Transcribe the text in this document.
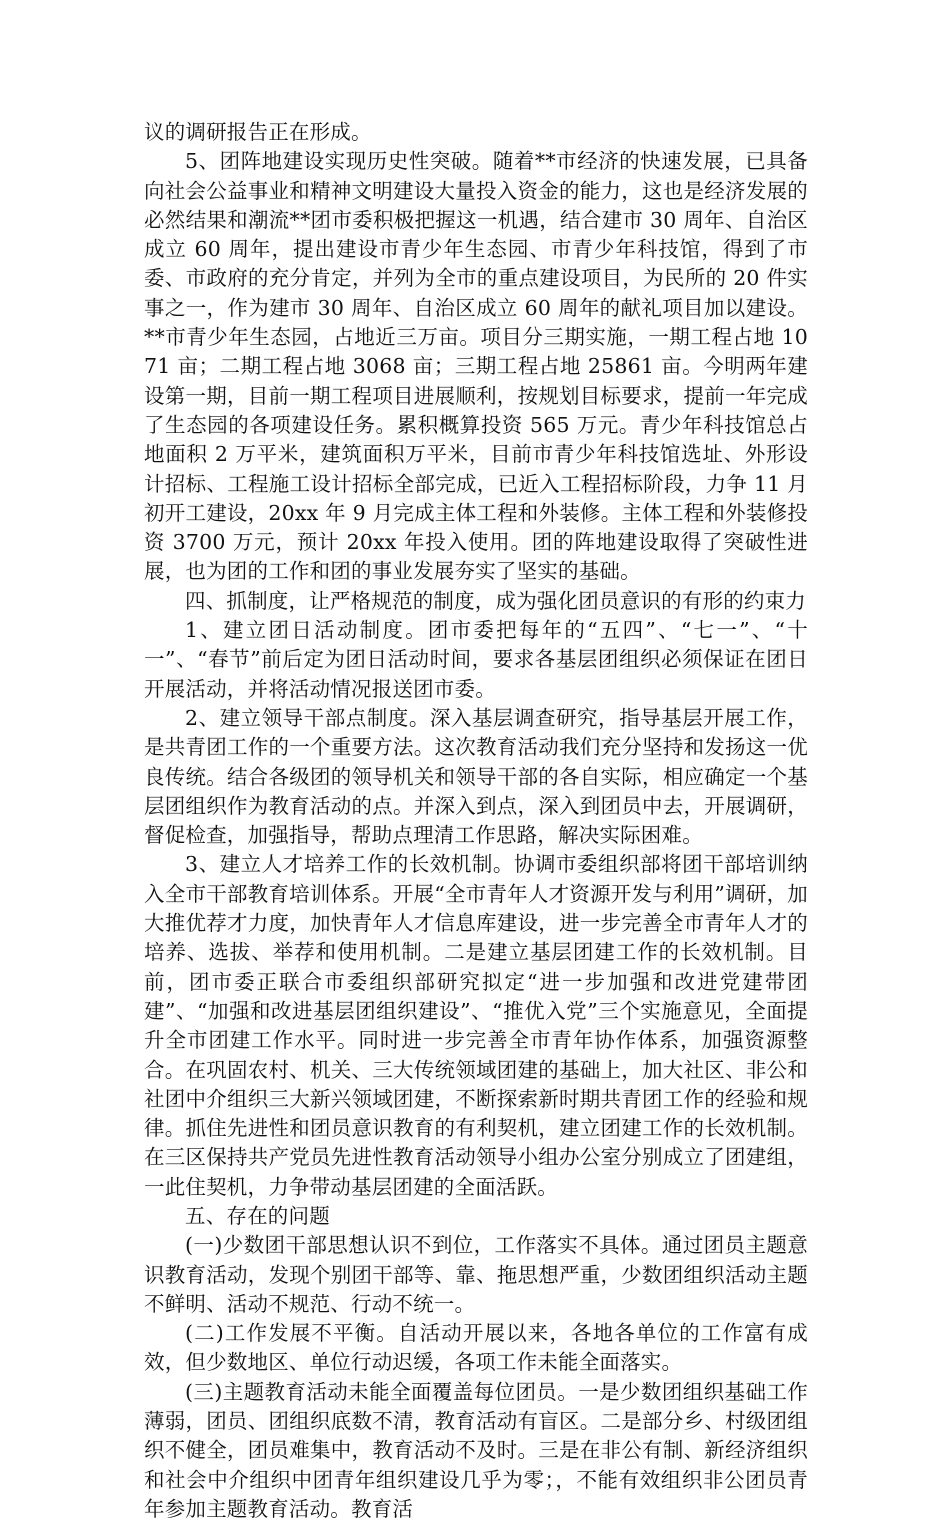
议的调研报告正在形成。

5、团阵地建设实现历史性突破。随着**市经济的快速发展，已具备向社会公益事业和精神文明建设大量投入资金的能力，这也是经济发展的必然结果和潮流**团市委积极把握这一机遇，结合建市 30 周年、自治区成立 60 周年，提出建设市青少年生态园、市青少年科技馆，得到了市委、市政府的充分肯定，并列为全市的重点建设项目，为民所的 20 件实事之一，作为建市 30 周年、自治区成立 60 周年的献礼项目加以建设。**市青少年生态园，占地近三万亩。项目分三期实施，一期工程占地 1071 亩；二期工程占地 3068 亩；三期工程占地 25861 亩。今明两年建设第一期，目前一期工程项目进展顺利，按规划目标要求，提前一年完成了生态园的各项建设任务。累积概算投资 565 万元。青少年科技馆总占地面积 2 万平米，建筑面积万平米，目前市青少年科技馆选址、外形设计招标、工程施工设计招标全部完成，已近入工程招标阶段，力争 11 月初开工建设，20xx 年 9 月完成主体工程和外装修。主体工程和外装修投资 3700 万元，预计 20xx 年投入使用。团的阵地建设取得了突破性进展，也为团的工作和团的事业发展夯实了坚实的基础。

四、抓制度，让严格规范的制度，成为强化团员意识的有形的约束力

1、建立团日活动制度。团市委把每年的“五四”、“七一”、“十一”、“春节”前后定为团日活动时间，要求各基层团组织必须保证在团日开展活动，并将活动情况报送团市委。

2、建立领导干部点制度。深入基层调查研究，指导基层开展工作，是共青团工作的一个重要方法。这次教育活动我们充分坚持和发扬这一优良传统。结合各级团的领导机关和领导干部的各自实际，相应确定一个基层团组织作为教育活动的点。并深入到点，深入到团员中去，开展调研，督促检查，加强指导，帮助点理清工作思路，解决实际困难。

3、建立人才培养工作的长效机制。协调市委组织部将团干部培训纳入全市干部教育培训体系。开展“全市青年人才资源开发与利用”调研，加大推优荐才力度，加快青年人才信息库建设，进一步完善全市青年人才的培养、选拔、举荐和使用机制。二是建立基层团建工作的长效机制。目前，团市委正联合市委组织部研究拟定“进一步加强和改进党建带团建”、“加强和改进基层团组织建设”、“推优入党”三个实施意见，全面提升全市团建工作水平。同时进一步完善全市青年协作体系，加强资源整合。在巩固农村、机关、三大传统领域团建的基础上，加大社区、非公和社团中介组织三大新兴领域团建，不断探索新时期共青团工作的经验和规律。抓住先进性和团员意识教育的有利契机，建立团建工作的长效机制。在三区保持共产党员先进性教育活动领导小组办公室分别成立了团建组，一此住契机，力争带动基层团建的全面活跃。

五、存在的问题

(一)少数团干部思想认识不到位，工作落实不具体。通过团员主题意识教育活动，发现个别团干部等、靠、拖思想严重，少数团组织活动主题不鲜明、活动不规范、行动不统一。

(二)工作发展不平衡。自活动开展以来，各地各单位的工作富有成效，但少数地区、单位行动迟缓，各项工作未能全面落实。

(三)主题教育活动未能全面覆盖每位团员。一是少数团组织基础工作薄弱，团员、团组织底数不清，教育活动有盲区。二是部分乡、村级团组织不健全，团员难集中，教育活动不及时。三是在非公有制、新经济组织和社会中介组织中团青年组织建设几乎为零；，不能有效组织非公团员青年参加主题教育活动。教育活
